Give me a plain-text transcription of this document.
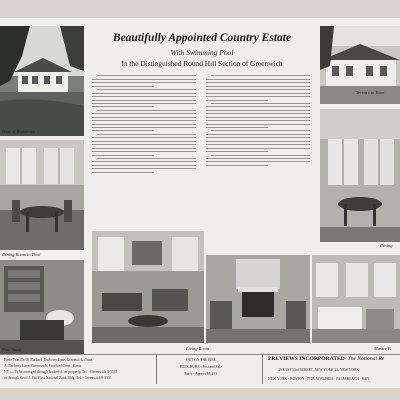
Gate of Residence
Dining Room to Pool
Pool Study
Beautifully Appointed Country Estate
With Swimming Pool
In the Distinguished Round Hill Section of Greenwich
Living Room
Terrace at Rear
Dining
Master B
Hyde Priscilla M. Burkard, Burberry Lane, Greenwich, Conn.
A. Burberry Lane, Greenwich, Stratford Conn., Conn.
NY — To be arranged through broker(s), on property, Tel. - Greenwich 8-3535
or through Cecil J. Pol, First National Bank Bldg. Tel. - Greenwich 8-3535
OUT ON THE FIRE
BROCHURE - Post and Sale
Taxes - Approx $5,253
PREVIEWS INCORPORATED· The National Re
49 EAST 53rd STREET, NEW YORK 22, NEW YORK
NEW YORK · BOSTON · PHILADELPHIA · PALM BEACH · SAN
